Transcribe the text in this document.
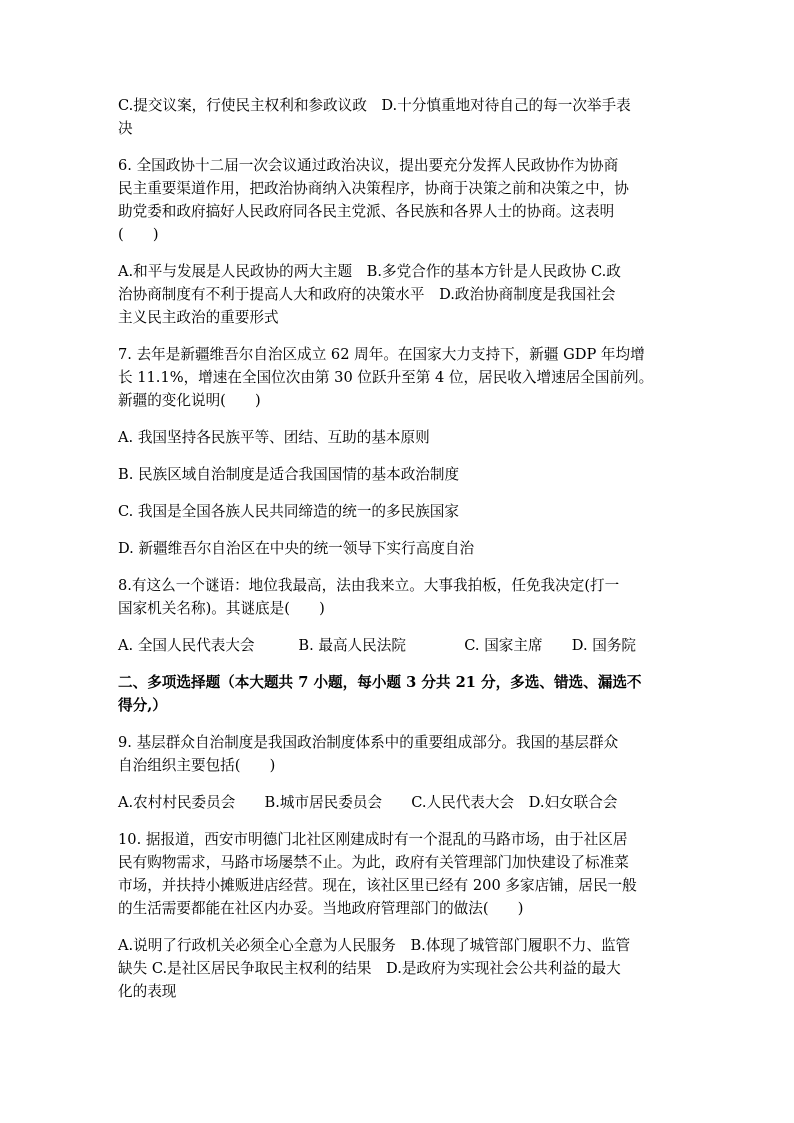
C.提交议案，行使民主权利和参政议政　D.十分慎重地对待自己的每一次举手表
决
6. 全国政协十二届一次会议通过政治决议，提出要充分发挥人民政协作为协商
民主重要渠道作用，把政治协商纳入决策程序，协商于决策之前和决策之中，协
助党委和政府搞好人民政府同各民主党派、各民族和各界人士的协商。这表明
(　　)
A.和平与发展是人民政协的两大主题　B.多党合作的基本方针是人民政协 C.政
治协商制度有不利于提高人大和政府的决策水平　D.政治协商制度是我国社会
主义民主政治的重要形式
7. 去年是新疆维吾尔自治区成立 62 周年。在国家大力支持下，新疆 GDP 年均增
长 11.1%，增速在全国位次由第 30 位跃升至第 4 位，居民收入增速居全国前列。
新疆的变化说明(　　)
A. 我国坚持各民族平等、团结、互助的基本原则
B. 民族区域自治制度是适合我国国情的基本政治制度
C. 我国是全国各族人民共同缔造的统一的多民族国家
D. 新疆维吾尔自治区在中央的统一领导下实行高度自治
8.有这么一个谜语：地位我最高，法由我来立。大事我拍板，任免我决定(打一
国家机关名称)。其谜底是(　　)
A. 全国人民代表大会　　　B. 最高人民法院　　　　C. 国家主席　　D. 国务院
二、多项选择题（本大题共 7 小题，每小题 3 分共 21 分，多选、错选、漏选不
得分,）
9. 基层群众自治制度是我国政治制度体系中的重要组成部分。我国的基层群众
自治组织主要包括(　　)
A.农村村民委员会　　B.城市居民委员会　　C.人民代表大会　D.妇女联合会
10. 据报道，西安市明德门北社区刚建成时有一个混乱的马路市场，由于社区居
民有购物需求，马路市场屡禁不止。为此，政府有关管理部门加快建设了标准菜
市场，并扶持小摊贩进店经营。现在，该社区里已经有 200 多家店铺，居民一般
的生活需要都能在社区内办妥。当地政府管理部门的做法(　　)
A.说明了行政机关必须全心全意为人民服务　B.体现了城管部门履职不力、监管
缺失 C.是社区居民争取民主权利的结果　D.是政府为实现社会公共利益的最大
化的表现
